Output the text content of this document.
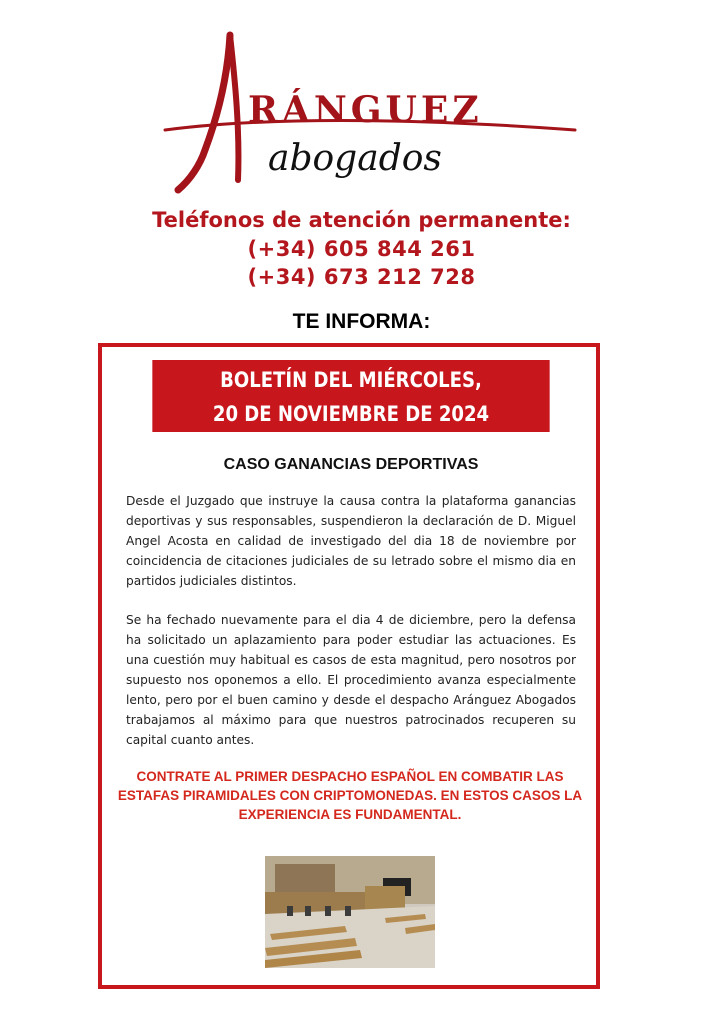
RÁNGUEZ
abogados
Teléfonos de atención permanente:
(+34) 605 844 261
(+34) 673 212 728
TE INFORMA:
BOLETÍN DEL MIÉRCOLES,
20 DE NOVIEMBRE DE 2024
CASO GANANCIAS DEPORTIVAS

Desde el Juzgado que instruye la causa contra la plataforma ganancias deportivas y sus responsables, suspendieron la declaración de D. Miguel Angel Acosta en calidad de investigado del dia 18 de noviembre por coincidencia de citaciones judiciales de su letrado sobre el mismo dia en partidos judiciales distintos.

Se ha fechado nuevamente para el dia 4 de diciembre, pero la defensa ha solicitado un aplazamiento para poder estudiar las actuaciones. Es una cuestión muy habitual es casos de esta magnitud, pero nosotros por supuesto nos oponemos a ello. El procedimiento avanza especialmente lento, pero por el buen camino y desde el despacho Aránguez Abogados trabajamos al máximo para que nuestros patrocinados recuperen su capital cuanto antes.

CONTRATE AL PRIMER DESPACHO ESPAÑOL EN COMBATIR LAS ESTAFAS PIRAMIDALES CON CRIPTOMONEDAS. EN ESTOS CASOS LA EXPERIENCIA ES FUNDAMENTAL.
